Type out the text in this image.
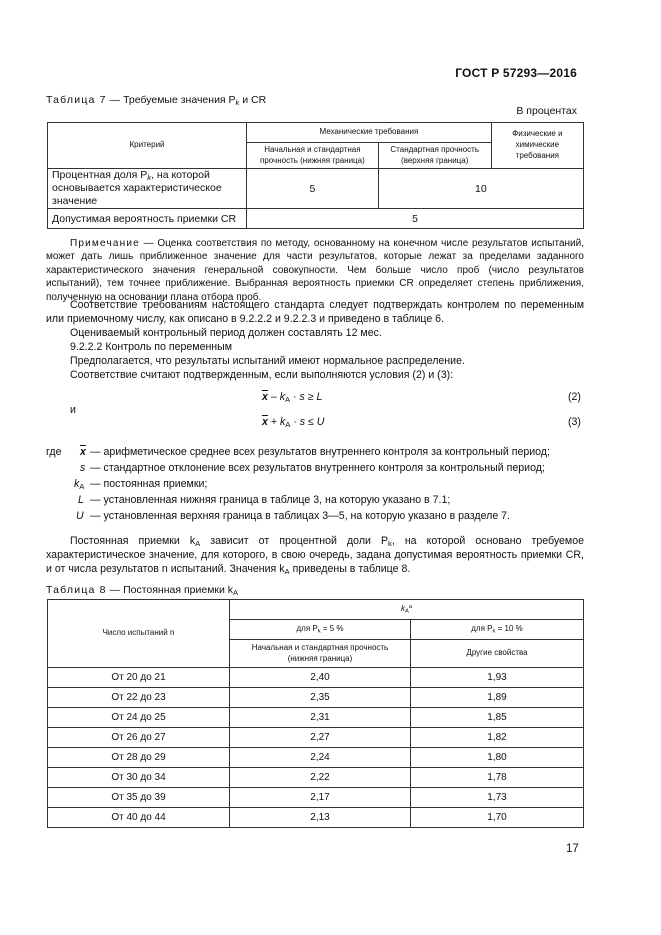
ГОСТ Р 57293—2016
Таблица 7 — Требуемые значения $P_k$ и CR
В процентах
Критерий	Механические требования		Физические и химические требования
	Начальная и стандартная прочность (нижняя граница)	Стандартная прочность (верхняя граница)	
Процентная доля $P_k$, на которой основывается характеристическое значение	5	10	
Допустимая вероятность приемки CR	5		
Примечание — Оценка соответствия по методу, основанному на конечном числе результатов испытаний, может дать лишь приближенное значение для части результатов, которые лежат за пределами заданного характеристического значения генеральной совокупности. Чем больше число проб (число результатов испытаний), тем точнее приближение. Выбранная вероятность приемки CR определяет степень приближения, полученную на основании плана отбора проб.
Соответствие требованиям настоящего стандарта следует подтверждать контролем по переменным или приемочному числу, как описано в 9.2.2.2 и 9.2.2.3 и приведено в таблице 6.
Оцениваемый контрольный период должен составлять 12 мес.
9.2.2.2 Контроль по переменным
Предполагается, что результаты испытаний имеют нормальное распределение.
Соответствие считают подтвержденным, если выполняются условия (2) и (3):
$\overline{x} - k_A \cdot s \ge L$	(2)
и
$\overline{x} + k_A \cdot s \le U$	(3)
где $\overline{x}$ — арифметическое среднее всех результатов внутреннего контроля за контрольный период;
s — стандартное отклонение всех результатов внутреннего контроля за контрольный период;
$k_A$ — постоянная приемки;
L — установленная нижняя граница в таблице 3, на которую указано в 7.1;
U — установленная верхняя граница в таблицах 3—5, на которую указано в разделе 7.
Постоянная приемки $k_A$ зависит от процентной доли $P_k$, на которой основано требуемое характеристическое значение, для которого, в свою очередь, задана допустимая вероятность приемки CR, и от числа результатов n испытаний. Значения $k_A$ приведены в таблице 8.
Таблица 8 — Постоянная приемки $k_A$
Число испытаний n	$k_A^a$
	для $P_k = 5$ %	для $P_k = 10$ %
	Начальная и стандартная прочность (нижняя граница)	Другие свойства
От 20 до 21	2,40	1,93
От 22 до 23	2,35	1,89
От 24 до 25	2,31	1,85
От 26 до 27	2,27	1,82
От 28 до 29	2,24	1,80
От 30 до 34	2,22	1,78
От 35 до 39	2,17	1,73
От 40 до 44	2,13	1,70
17
